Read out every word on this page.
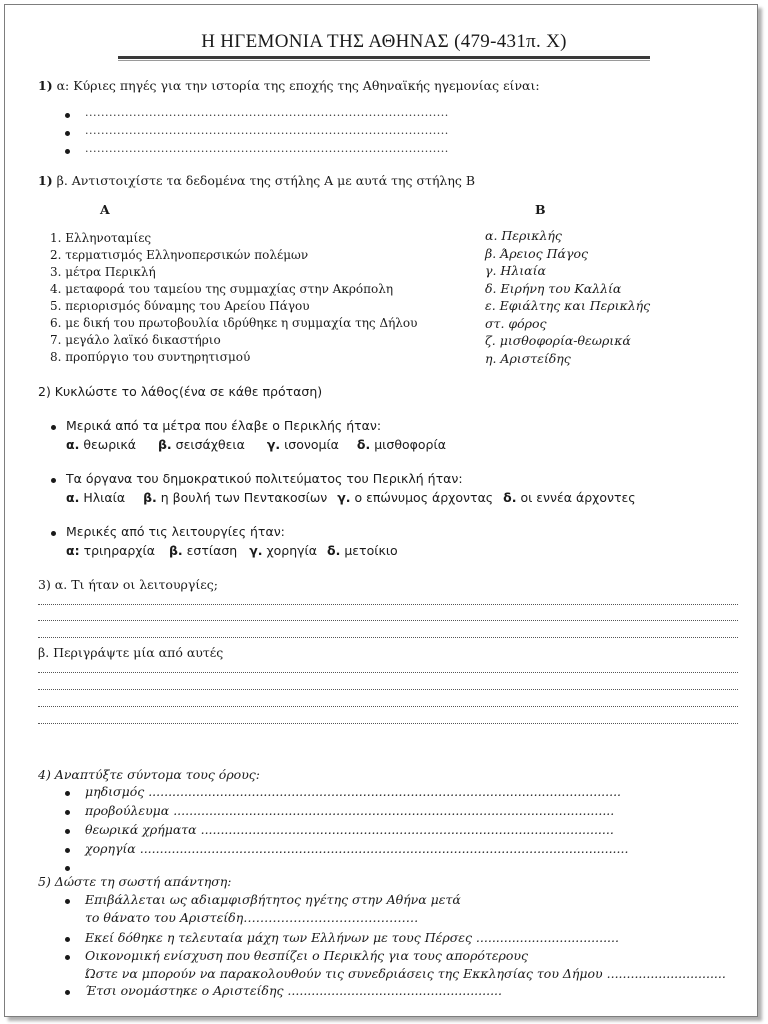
Η ΗΓΕΜΟΝΙΑ ΤΗΣ ΑΘΗΝΑΣ (479-431π. Χ)
1) α: Κύριες πηγές για την ιστορία της εποχής της Αθηναϊκής ηγεμονίας είναι:
...........................................................................................
...........................................................................................
...........................................................................................
1) β. Αντιστοιχίστε τα δεδομένα της στήλης Α με αυτά της στήλης Β
Α	Β
1. Ελληνοταμίες
2. τερματισμός Ελληνοπερσικών πολέμων
3. μέτρα Περικλή
4. μεταφορά του ταμείου της συμμαχίας στην Ακρόπολη
5. περιορισμός δύναμης του Αρείου Πάγου
6. με δική του πρωτοβουλία ιδρύθηκε η συμμαχία της Δήλου
7. μεγάλο λαϊκό δικαστήριο
8. προπύργιο του συντηρητισμού
α. Περικλής
β. Άρειος Πάγος
γ. Ηλιαία
δ. Ειρήνη του Καλλία
ε. Εφιάλτης και Περικλής
στ. φόρος
ζ. μισθοφορία-θεωρικά
η. Αριστείδης
2) Κυκλώστε το λάθος(ένα σε κάθε πρόταση)
Μερικά από τα μέτρα που έλαβε ο Περικλής ήταν:
α. θεωρικά β. σεισάχθεια γ. ισονομία δ. μισθοφορία
Τα όργανα του δημοκρατικού πολιτεύματος του Περικλή ήταν:
α. Ηλιαία β. η βουλή των Πεντακοσίων γ. ο επώνυμος άρχοντας δ. οι εννέα άρχοντες
Μερικές από τις λειτουργίες ήταν:
α: τριηραρχία β. εστίαση γ. χορηγία δ. μετοίκιο
3) α. Τι ήταν οι λειτουργίες;
β. Περιγράψτε μία από αυτές
4) Αναπτύξτε σύντομα τους όρους:
μηδισμός .......................................................................................................................
προβούλευμα ...............................................................................................................
θεωρικά χρήματα ........................................................................................................
χορηγία ...........................................................................................................................
5) Δώστε τη σωστή απάντηση:
Επιβάλλεται ως αδιαμφισβήτητος ηγέτης στην Αθήνα μετά
το θάνατο του Αριστείδη……………………………………
Εκεί δόθηκε η τελευταία μάχη των Ελλήνων με τους Πέρσες ....................................
Οικονομική ενίσχυση που θεσπίζει ο Περικλής για τους απορότερους
Ώστε να μπορούν να παρακολουθούν τις συνεδριάσεις της Εκκλησίας του Δήμου ..............................
Έτσι ονομάστηκε ο Αριστείδης ......................................................
